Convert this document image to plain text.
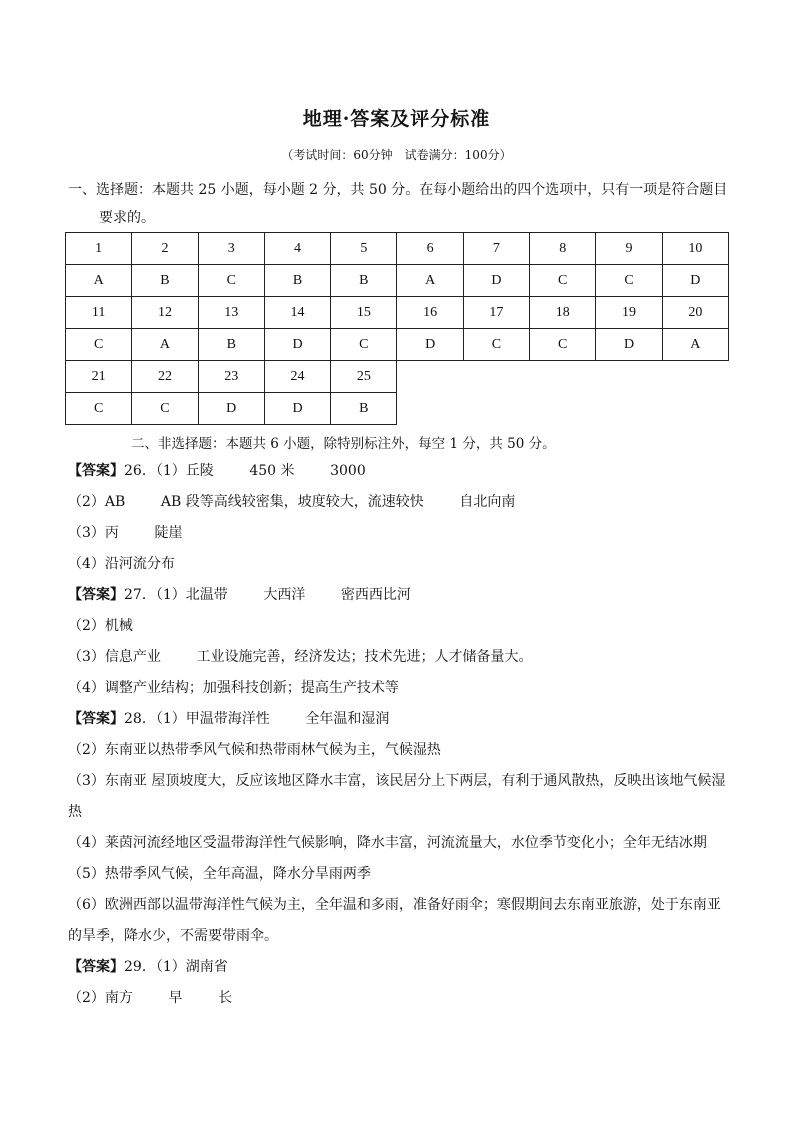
地理·答案及评分标准
（考试时间：60分钟　试卷满分：100分）
一、选择题：本题共 25 小题，每小题 2 分，共 50 分。在每小题给出的四个选项中，只有一项是符合题目
要求的。
1	2	3	4	5	6	7	8	9	10
A	B	C	B	B	A	D	C	C	D
11	12	13	14	15	16	17	18	19	20
C	A	B	D	C	D	C	C	D	A
21	22	23	24	25					
C	C	D	D	B					
二、非选择题：本题共 6 小题，除特别标注外，每空 1 分，共 50 分。
【答案】26．（1）丘陵        450 米        3000
（2）AB        AB 段等高线较密集，坡度较大，流速较快        自北向南
（3）丙        陡崖
（4）沿河流分布
【答案】27．（1）北温带        大西洋        密西西比河
（2）机械
（3）信息产业        工业设施完善，经济发达；技术先进；人才储备量大。
（4）调整产业结构；加强科技创新；提高生产技术等
【答案】28．（1）甲温带海洋性        全年温和湿润
（2）东南亚以热带季风气候和热带雨林气候为主，气候湿热
（3）东南亚 屋顶坡度大，反应该地区降水丰富，该民居分上下两层，有利于通风散热，反映出该地气候湿热
（4）莱茵河流经地区受温带海洋性气候影响，降水丰富，河流流量大，水位季节变化小；全年无结冰期
（5）热带季风气候，全年高温，降水分旱雨两季
（6）欧洲西部以温带海洋性气候为主，全年温和多雨，准备好雨伞；寒假期间去东南亚旅游，处于东南亚的旱季，降水少，不需要带雨伞。
【答案】29．（1）湖南省
（2）南方        早        长
